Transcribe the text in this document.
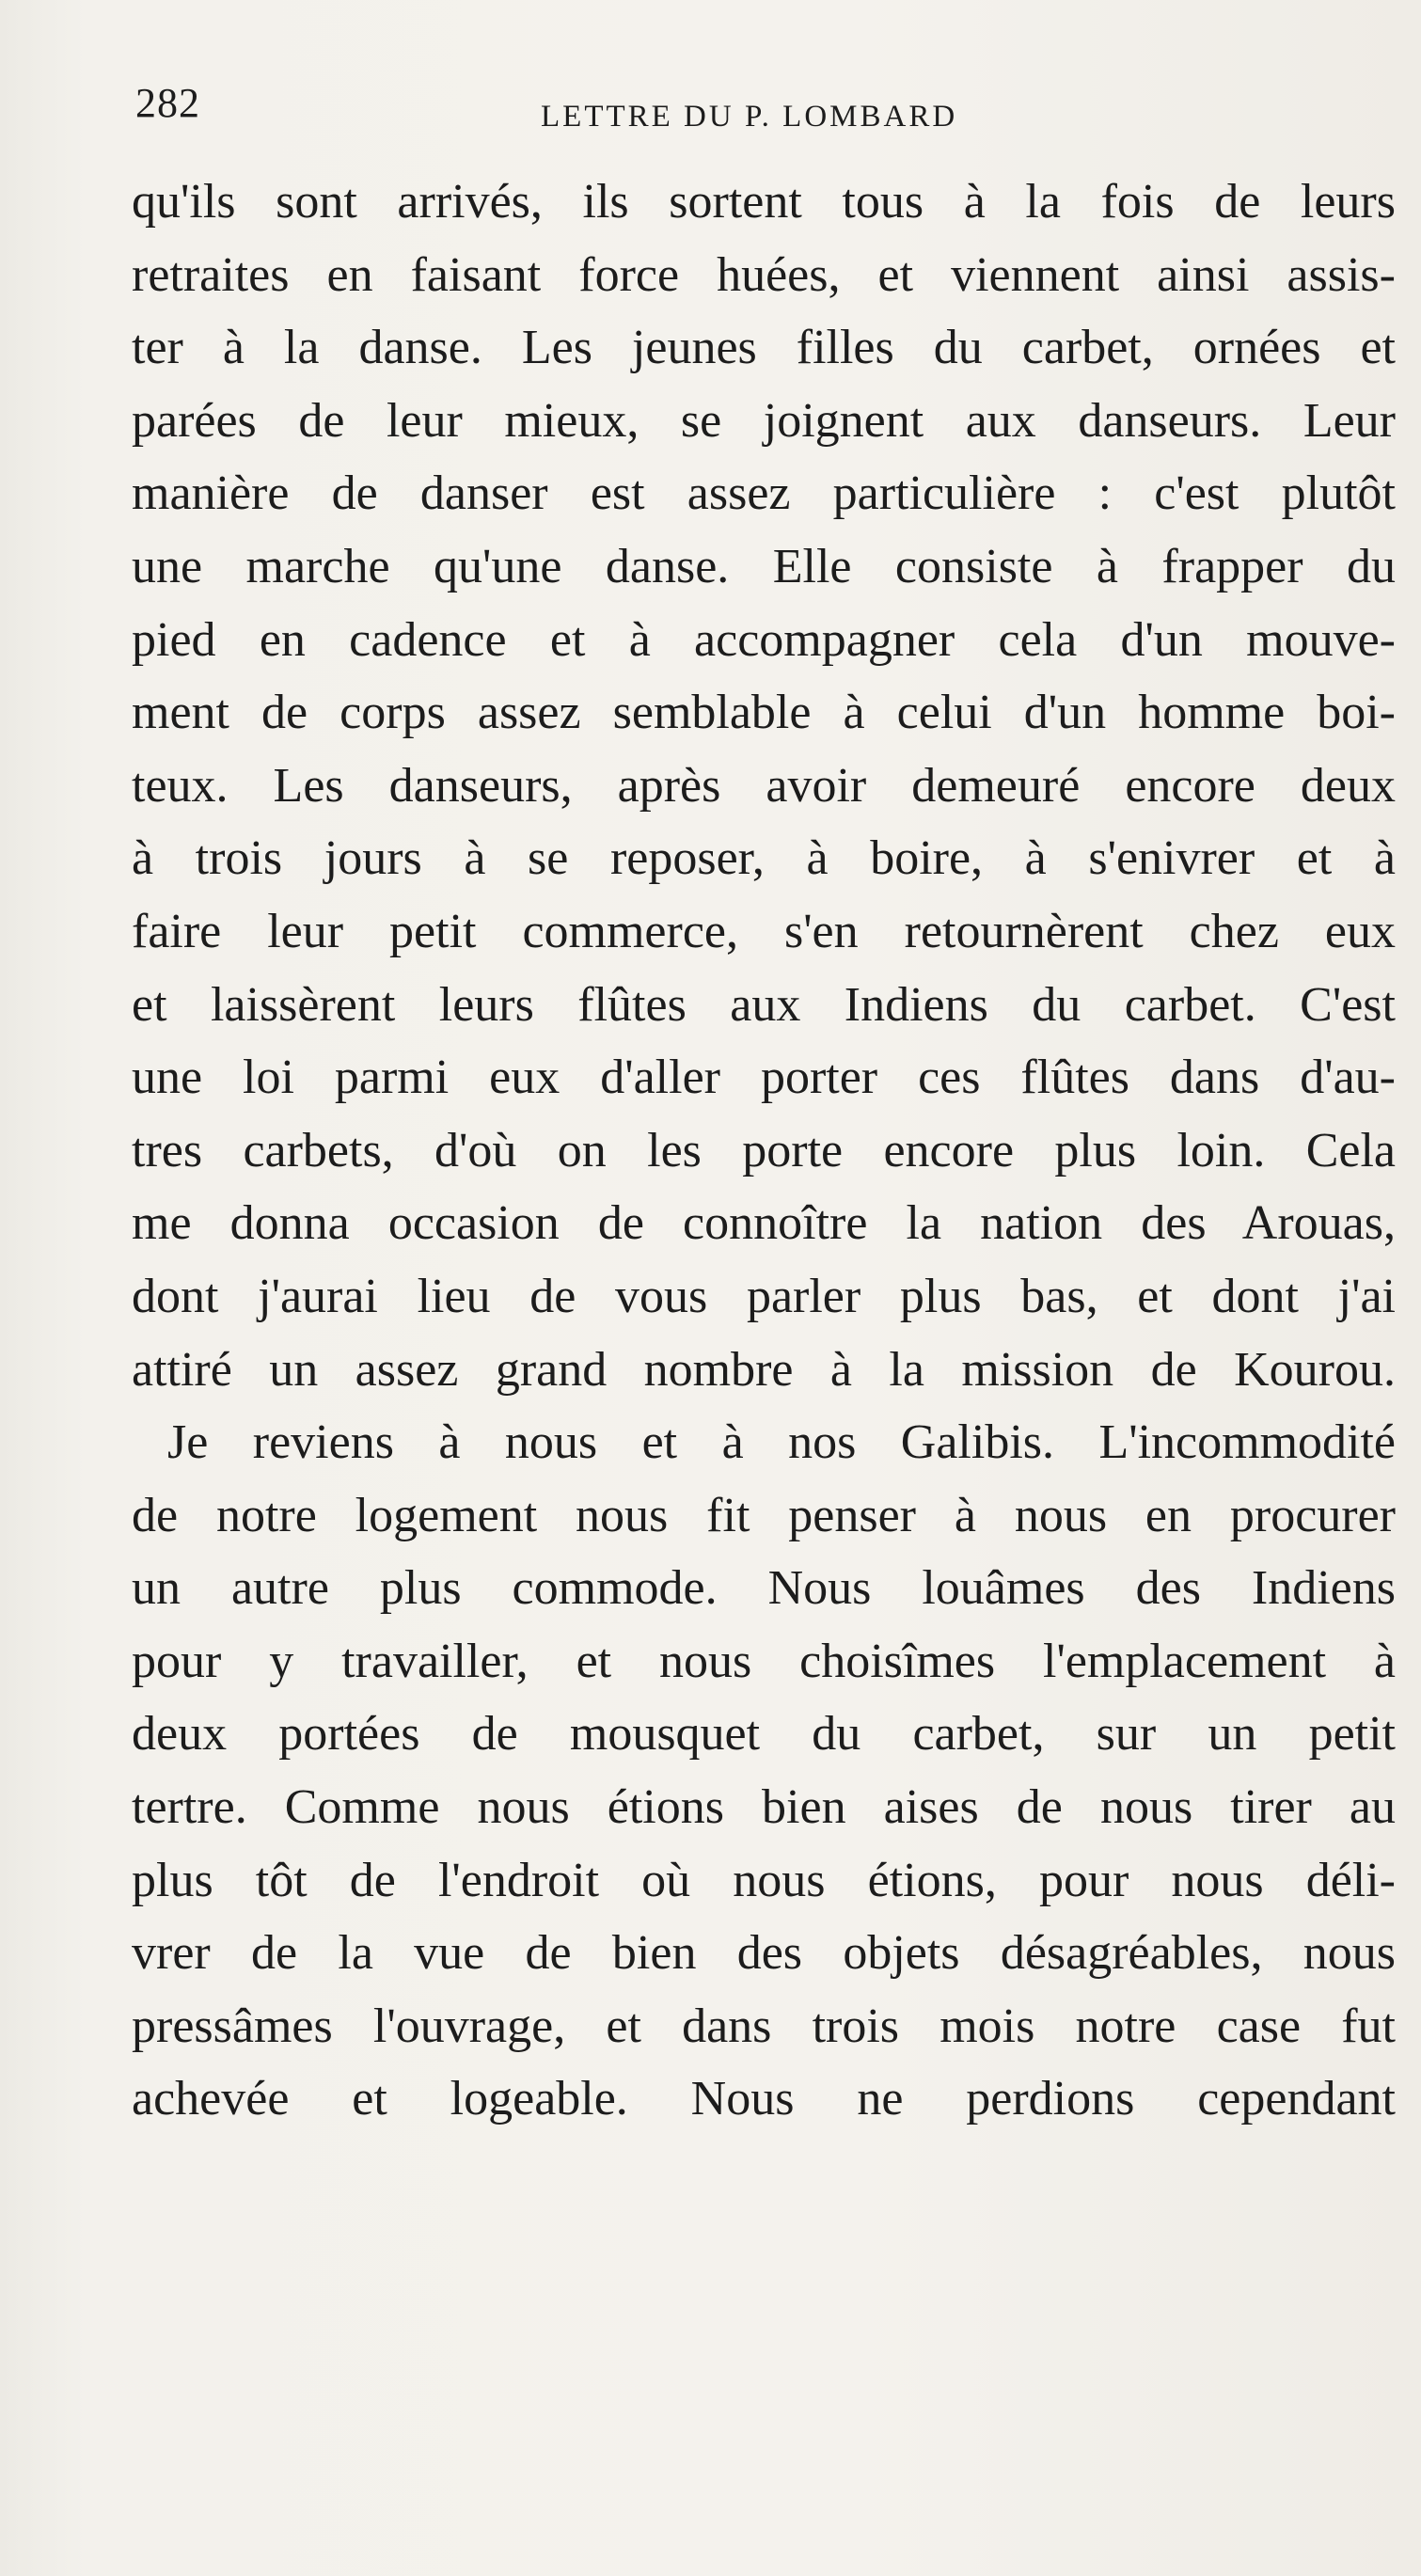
282	LETTRE DU P. LOMBARD
qu'ils sont arrivés, ils sortent tous à la fois de leurs
retraites en faisant force huées, et viennent ainsi assis-
ter à la danse. Les jeunes filles du carbet, ornées et
parées de leur mieux, se joignent aux danseurs. Leur
manière de danser est assez particulière : c'est plutôt
une marche qu'une danse. Elle consiste à frapper du
pied en cadence et à accompagner cela d'un mouve-
ment de corps assez semblable à celui d'un homme boi-
teux. Les danseurs, après avoir demeuré encore deux
à trois jours à se reposer, à boire, à s'enivrer et à
faire leur petit commerce, s'en retournèrent chez eux
et laissèrent leurs flûtes aux Indiens du carbet. C'est
une loi parmi eux d'aller porter ces flûtes dans d'au-
tres carbets, d'où on les porte encore plus loin. Cela
me donna occasion de connoître la nation des Arouas,
dont j'aurai lieu de vous parler plus bas, et dont j'ai
attiré un assez grand nombre à la mission de Kourou.
Je reviens à nous et à nos Galibis. L'incommodité
de notre logement nous fit penser à nous en procurer
un autre plus commode. Nous louâmes des Indiens
pour y travailler, et nous choisîmes l'emplacement à
deux portées de mousquet du carbet, sur un petit
tertre. Comme nous étions bien aises de nous tirer au
plus tôt de l'endroit où nous étions, pour nous déli-
vrer de la vue de bien des objets désagréables, nous
pressâmes l'ouvrage, et dans trois mois notre case fut
achevée et logeable. Nous ne perdions cependant
